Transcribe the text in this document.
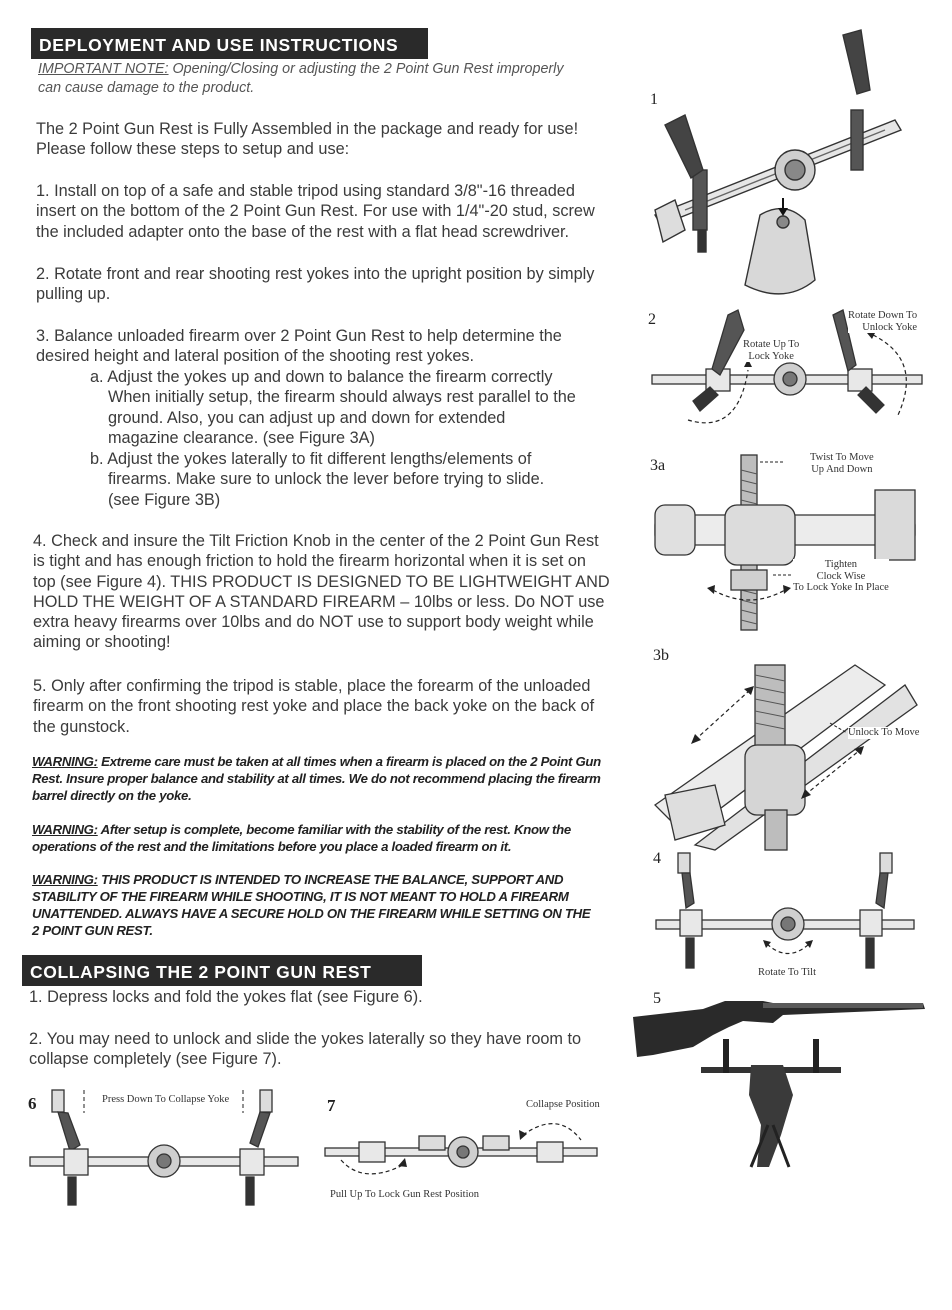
DEPLOYMENT AND USE INSTRUCTIONS
IMPORTANT NOTE: Opening/Closing or adjusting the 2 Point Gun Rest improperly
can cause damage to the product.
The 2 Point Gun Rest is Fully Assembled in the package and ready for use!
Please follow these steps to setup and use:
1. Install on top of a safe and stable tripod using standard 3/8"-16 threaded
insert on the bottom of the 2 Point Gun Rest. For use with 1/4"-20 stud, screw
the included adapter onto the base of the rest with a flat head screwdriver.
2. Rotate front and rear shooting rest yokes into the upright position by simply
pulling up.
3. Balance unloaded firearm over 2 Point Gun Rest to help determine the
desired height and lateral position of the shooting rest yokes.
a. Adjust the yokes up and down to balance the firearm correctly
When initially setup, the firearm should always rest parallel to the
ground. Also, you can adjust up and down for extended
magazine clearance. (see Figure 3A)
b. Adjust the yokes laterally to fit different lengths/elements of
firearms. Make sure to unlock the lever before trying to slide.
(see Figure 3B)
4. Check and insure the Tilt Friction Knob in the center of the 2 Point Gun Rest
is tight and has enough friction to hold the firearm horizontal when it is set on
top (see Figure 4). THIS PRODUCT IS DESIGNED TO BE LIGHTWEIGHT AND
HOLD THE WEIGHT OF A STANDARD FIREARM – 10lbs or less. Do NOT use
extra heavy firearms over 10lbs and do NOT use to support body weight while
aiming or shooting!
5. Only after confirming the tripod is stable, place the forearm of the unloaded
firearm on the front shooting rest yoke and place the back yoke on the back of
the gunstock.
WARNING: Extreme care must be taken at all times when a firearm is placed on the 2 Point Gun
Rest. Insure proper balance and stability at all times. We do not recommend placing the firearm
barrel directly on the yoke.
WARNING: After setup is complete, become familiar with the stability of the rest. Know the
operations of the rest and the limitations before you place a loaded firearm on it.
WARNING: THIS PRODUCT IS INTENDED TO INCREASE THE BALANCE, SUPPORT AND
STABILITY OF THE FIREARM WHILE SHOOTING, IT IS NOT MEANT TO HOLD A FIREARM
UNATTENDED. ALWAYS HAVE A SECURE HOLD ON THE FIREARM WHILE SETTING ON THE
2 POINT GUN REST.
COLLAPSING THE 2 POINT GUN REST
1. Depress locks and fold the yokes flat (see Figure 6).
2. You may need to unlock and slide the yokes laterally so they have room to
collapse completely (see Figure 7).
1
2
Rotate Up To
Lock Yoke
Rotate Down To
Unlock Yoke
3a	Twist To Move
Up And Down
Tighten
Clock Wise
To Lock Yoke In Place
3b
Unlock To Move
4
Rotate To Tilt
5
6	Press Down To Collapse Yoke	7	Collapse Position
Pull Up To Lock Gun Rest Position
